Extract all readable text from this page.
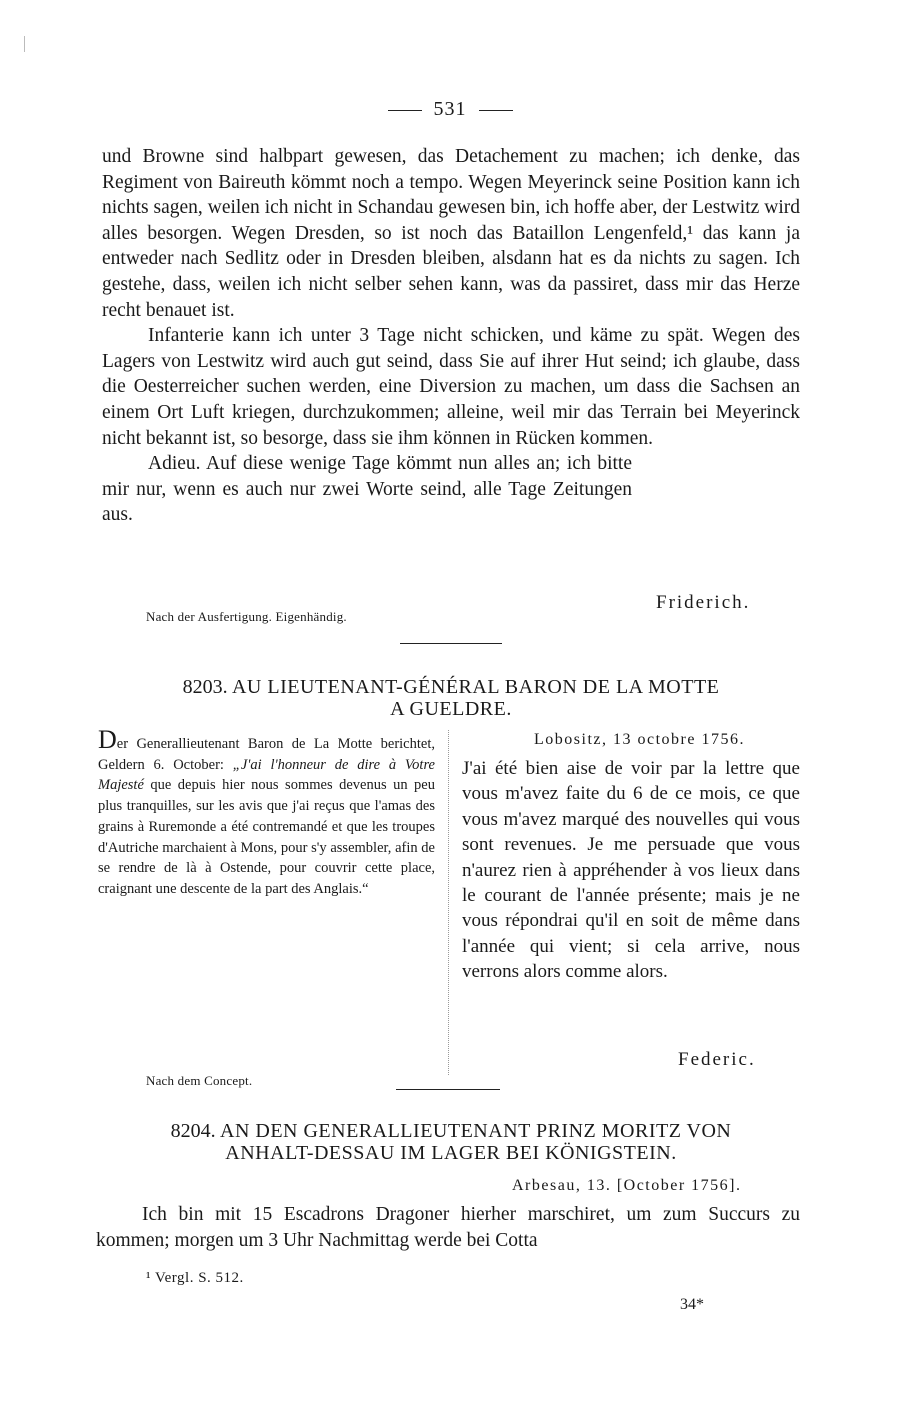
531

und Browne sind halbpart gewesen, das Detachement zu machen; ich denke, das Regiment von Baireuth kömmt noch a tempo. Wegen Meyerinck seine Position kann ich nichts sagen, weilen ich nicht in Schandau gewesen bin, ich hoffe aber, der Lestwitz wird alles besorgen. Wegen Dresden, so ist noch das Bataillon Lengenfeld,¹ das kann ja entweder nach Sedlitz oder in Dresden bleiben, alsdann hat es da nichts zu sagen. Ich gestehe, dass, weilen ich nicht selber sehen kann, was da passiret, dass mir das Herze recht benauet ist.

Infanterie kann ich unter 3 Tage nicht schicken, und käme zu spät. Wegen des Lagers von Lestwitz wird auch gut seind, dass Sie auf ihrer Hut seind; ich glaube, dass die Oesterreicher suchen werden, eine Diversion zu machen, um dass die Sachsen an einem Ort Luft kriegen, durchzukommen; alleine, weil mir das Terrain bei Meyerinck nicht bekannt ist, so besorge, dass sie ihm können in Rücken kommen.

Adieu. Auf diese wenige Tage kömmt nun alles an; ich bitte mir nur, wenn es auch nur zwei Worte seind, alle Tage Zeitungen aus.

Friderich.
Nach der Ausfertigung. Eigenhändig.
8203. AU LIEUTENANT-GÉNÉRAL BARON DE LA MOTTE
A GUELDRE.

Der Generallieutenant Baron de La Motte berichtet, Geldern 6. October: „J'ai l'honneur de dire à Votre Majesté que depuis hier nous sommes devenus un peu plus tranquilles, sur les avis que j'ai reçus que l'amas des grains à Ruremonde a été contremandé et que les troupes d'Autriche marchaient à Mons, pour s'y assembler, afin de se rendre de là à Ostende, pour couvrir cette place, craignant une descente de la part des Anglais.“

Lobositz, 13 octobre 1756.

J'ai été bien aise de voir par la lettre que vous m'avez faite du 6 de ce mois, ce que vous m'avez marqué des nouvelles qui vous sont revenues. Je me persuade que vous n'aurez rien à appréhender à vos lieux dans le courant de l'année présente; mais je ne vous répondrai qu'il en soit de même dans l'année qui vient; si cela arrive, nous verrons alors comme alors.

Federic.
Nach dem Concept.
8204. AN DEN GENERALLIEUTENANT PRINZ MORITZ VON
ANHALT-DESSAU IM LAGER BEI KÖNIGSTEIN.
Arbesau, 13. [October 1756].

Ich bin mit 15 Escadrons Dragoner hierher marschiret, um zum Succurs zu kommen; morgen um 3 Uhr Nachmittag werde bei Cotta

¹ Vergl. S. 512.
34*
